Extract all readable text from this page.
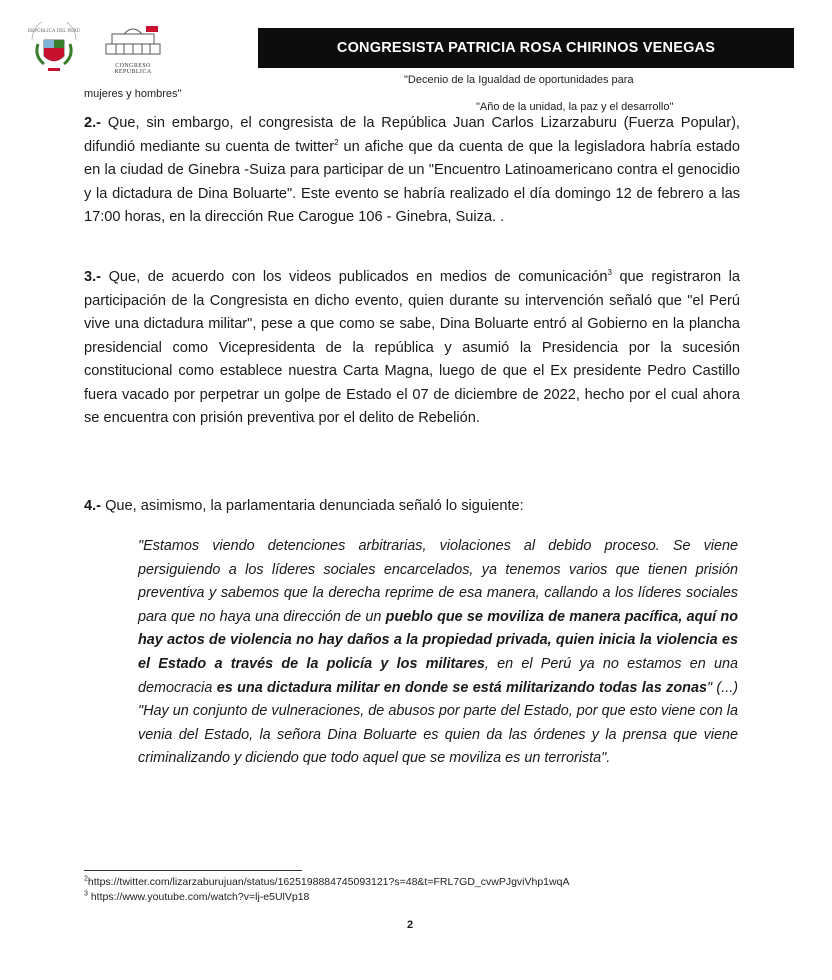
REPÚBLICA DEL PERÚ
CONGRESO
REPÚBLICA
CONGRESISTA PATRICIA ROSA CHIRINOS VENEGAS
"Decenio de la Igualdad de oportunidades para
mujeres y hombres"
"Año de la unidad, la paz y el desarrollo"
2.- Que, sin embargo, el congresista de la República Juan Carlos Lizarzaburu (Fuerza Popular), difundió mediante su cuenta de twitter$^2$ un afiche que da cuenta de que la legisladora habría estado en la ciudad de Ginebra -Suiza para participar de un "Encuentro Latinoamericano contra el genocidio y la dictadura de Dina Boluarte". Este evento se habría realizado el día domingo 12 de febrero a las 17:00 horas, en la dirección Rue Carogue 106 - Ginebra, Suiza. .
3.- Que, de acuerdo con los videos publicados en medios de comunicación$^3$ que registraron la participación de la Congresista en dicho evento, quien durante su intervención señaló que "el Perú vive una dictadura militar", pese a que como se sabe, Dina Boluarte entró al Gobierno en la plancha presidencial como Vicepresidenta de la república y asumió la Presidencia por la sucesión constitucional como establece nuestra Carta Magna, luego de que el Ex presidente Pedro Castillo fuera vacado por perpetrar un golpe de Estado el 07 de diciembre de 2022, hecho por el cual ahora se encuentra con prisión preventiva por el delito de Rebelión.
4.- Que, asimismo, la parlamentaria denunciada señaló lo siguiente:
"Estamos viendo detenciones arbitrarias, violaciones al debido proceso. Se viene persiguiendo a los líderes sociales encarcelados, ya tenemos varios que tienen prisión preventiva y sabemos que la derecha reprime de esa manera, callando a los líderes sociales para que no haya una dirección de un pueblo que se moviliza de manera pacífica, aquí no hay actos de violencia no hay daños a la propiedad privada, quien inicia la violencia es el Estado a través de la policía y los militares, en el Perú ya no estamos en una democracia es una dictadura militar en donde se está militarizando todas las zonas" (...) "Hay un conjunto de vulneraciones, de abusos por parte del Estado, por que esto viene con la venia del Estado, la señora Dina Boluarte es quien da las órdenes y la prensa que viene criminalizando y diciendo que todo aquel que se moviliza es un terrorista".
$^2$https://twitter.com/lizarzaburujuan/status/1625198884745093121?s=48&t=FRL7GD_cvwPJgviVhp1wqA
$^3$ https://www.youtube.com/watch?v=lj-e5UlVp18
2
